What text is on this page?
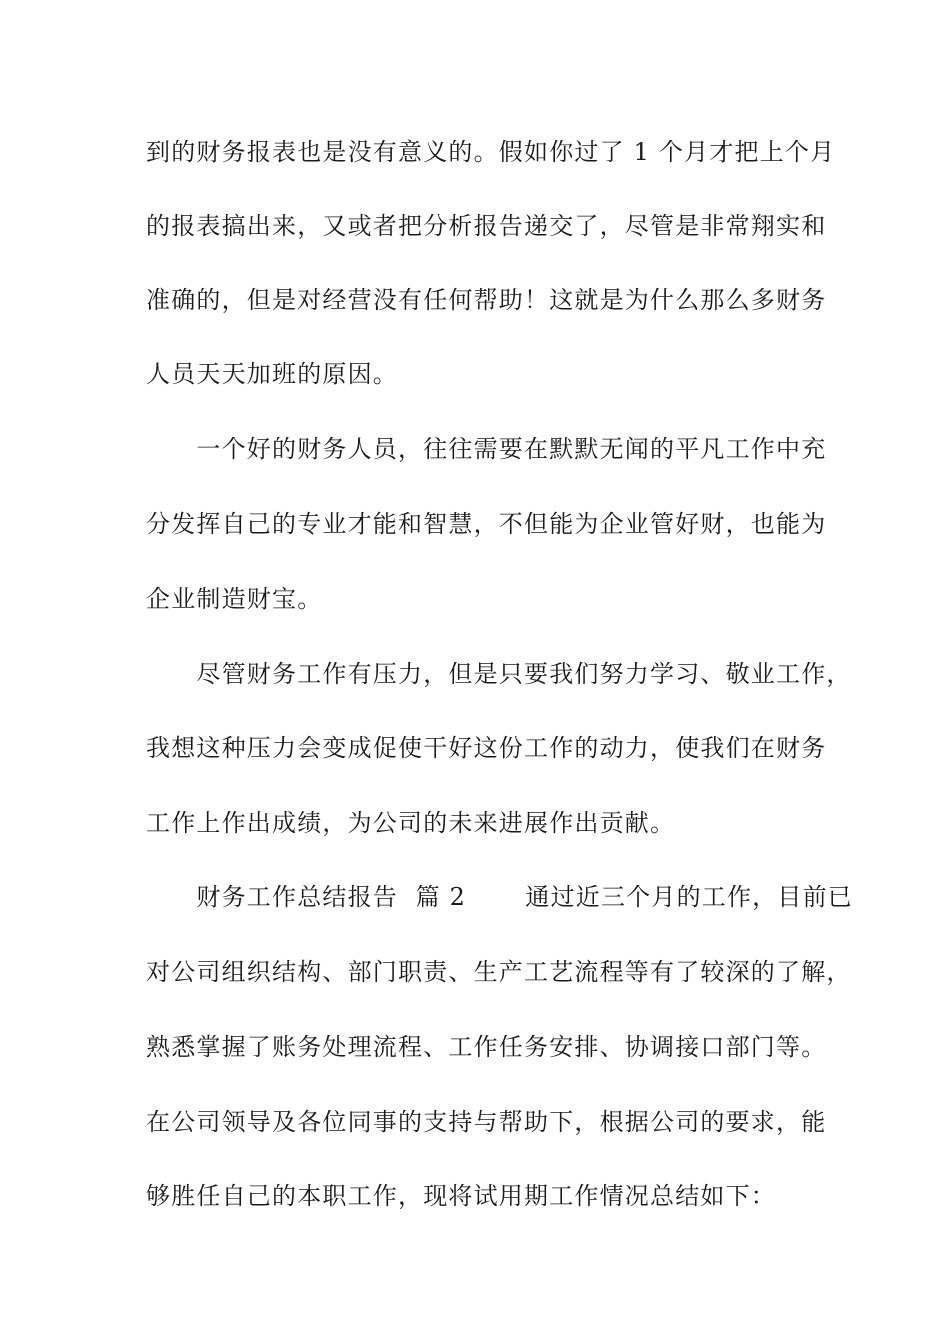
到的财务报表也是没有意义的。假如你过了 1 个月才把上个月
的报表搞出来，又或者把分析报告递交了，尽管是非常翔实和
准确的，但是对经营没有任何帮助！这就是为什么那么多财务
人员天天加班的原因。
　　一个好的财务人员，往往需要在默默无闻的平凡工作中充
分发挥自己的专业才能和智慧，不但能为企业管好财，也能为
企业制造财宝。
　　尽管财务工作有压力，但是只要我们努力学习、敬业工作，
我想这种压力会变成促使干好这份工作的动力，使我们在财务
工作上作出成绩，为公司的未来进展作出贡献。
　　财务工作总结报告  篇 2　　 通过近三个月的工作，目前已
对公司组织结构、部门职责、生产工艺流程等有了较深的了解，
熟悉掌握了账务处理流程、工作任务安排、协调接口部门等。
在公司领导及各位同事的支持与帮助下，根据公司的要求，能
够胜任自己的本职工作，现将试用期工作情况总结如下：
